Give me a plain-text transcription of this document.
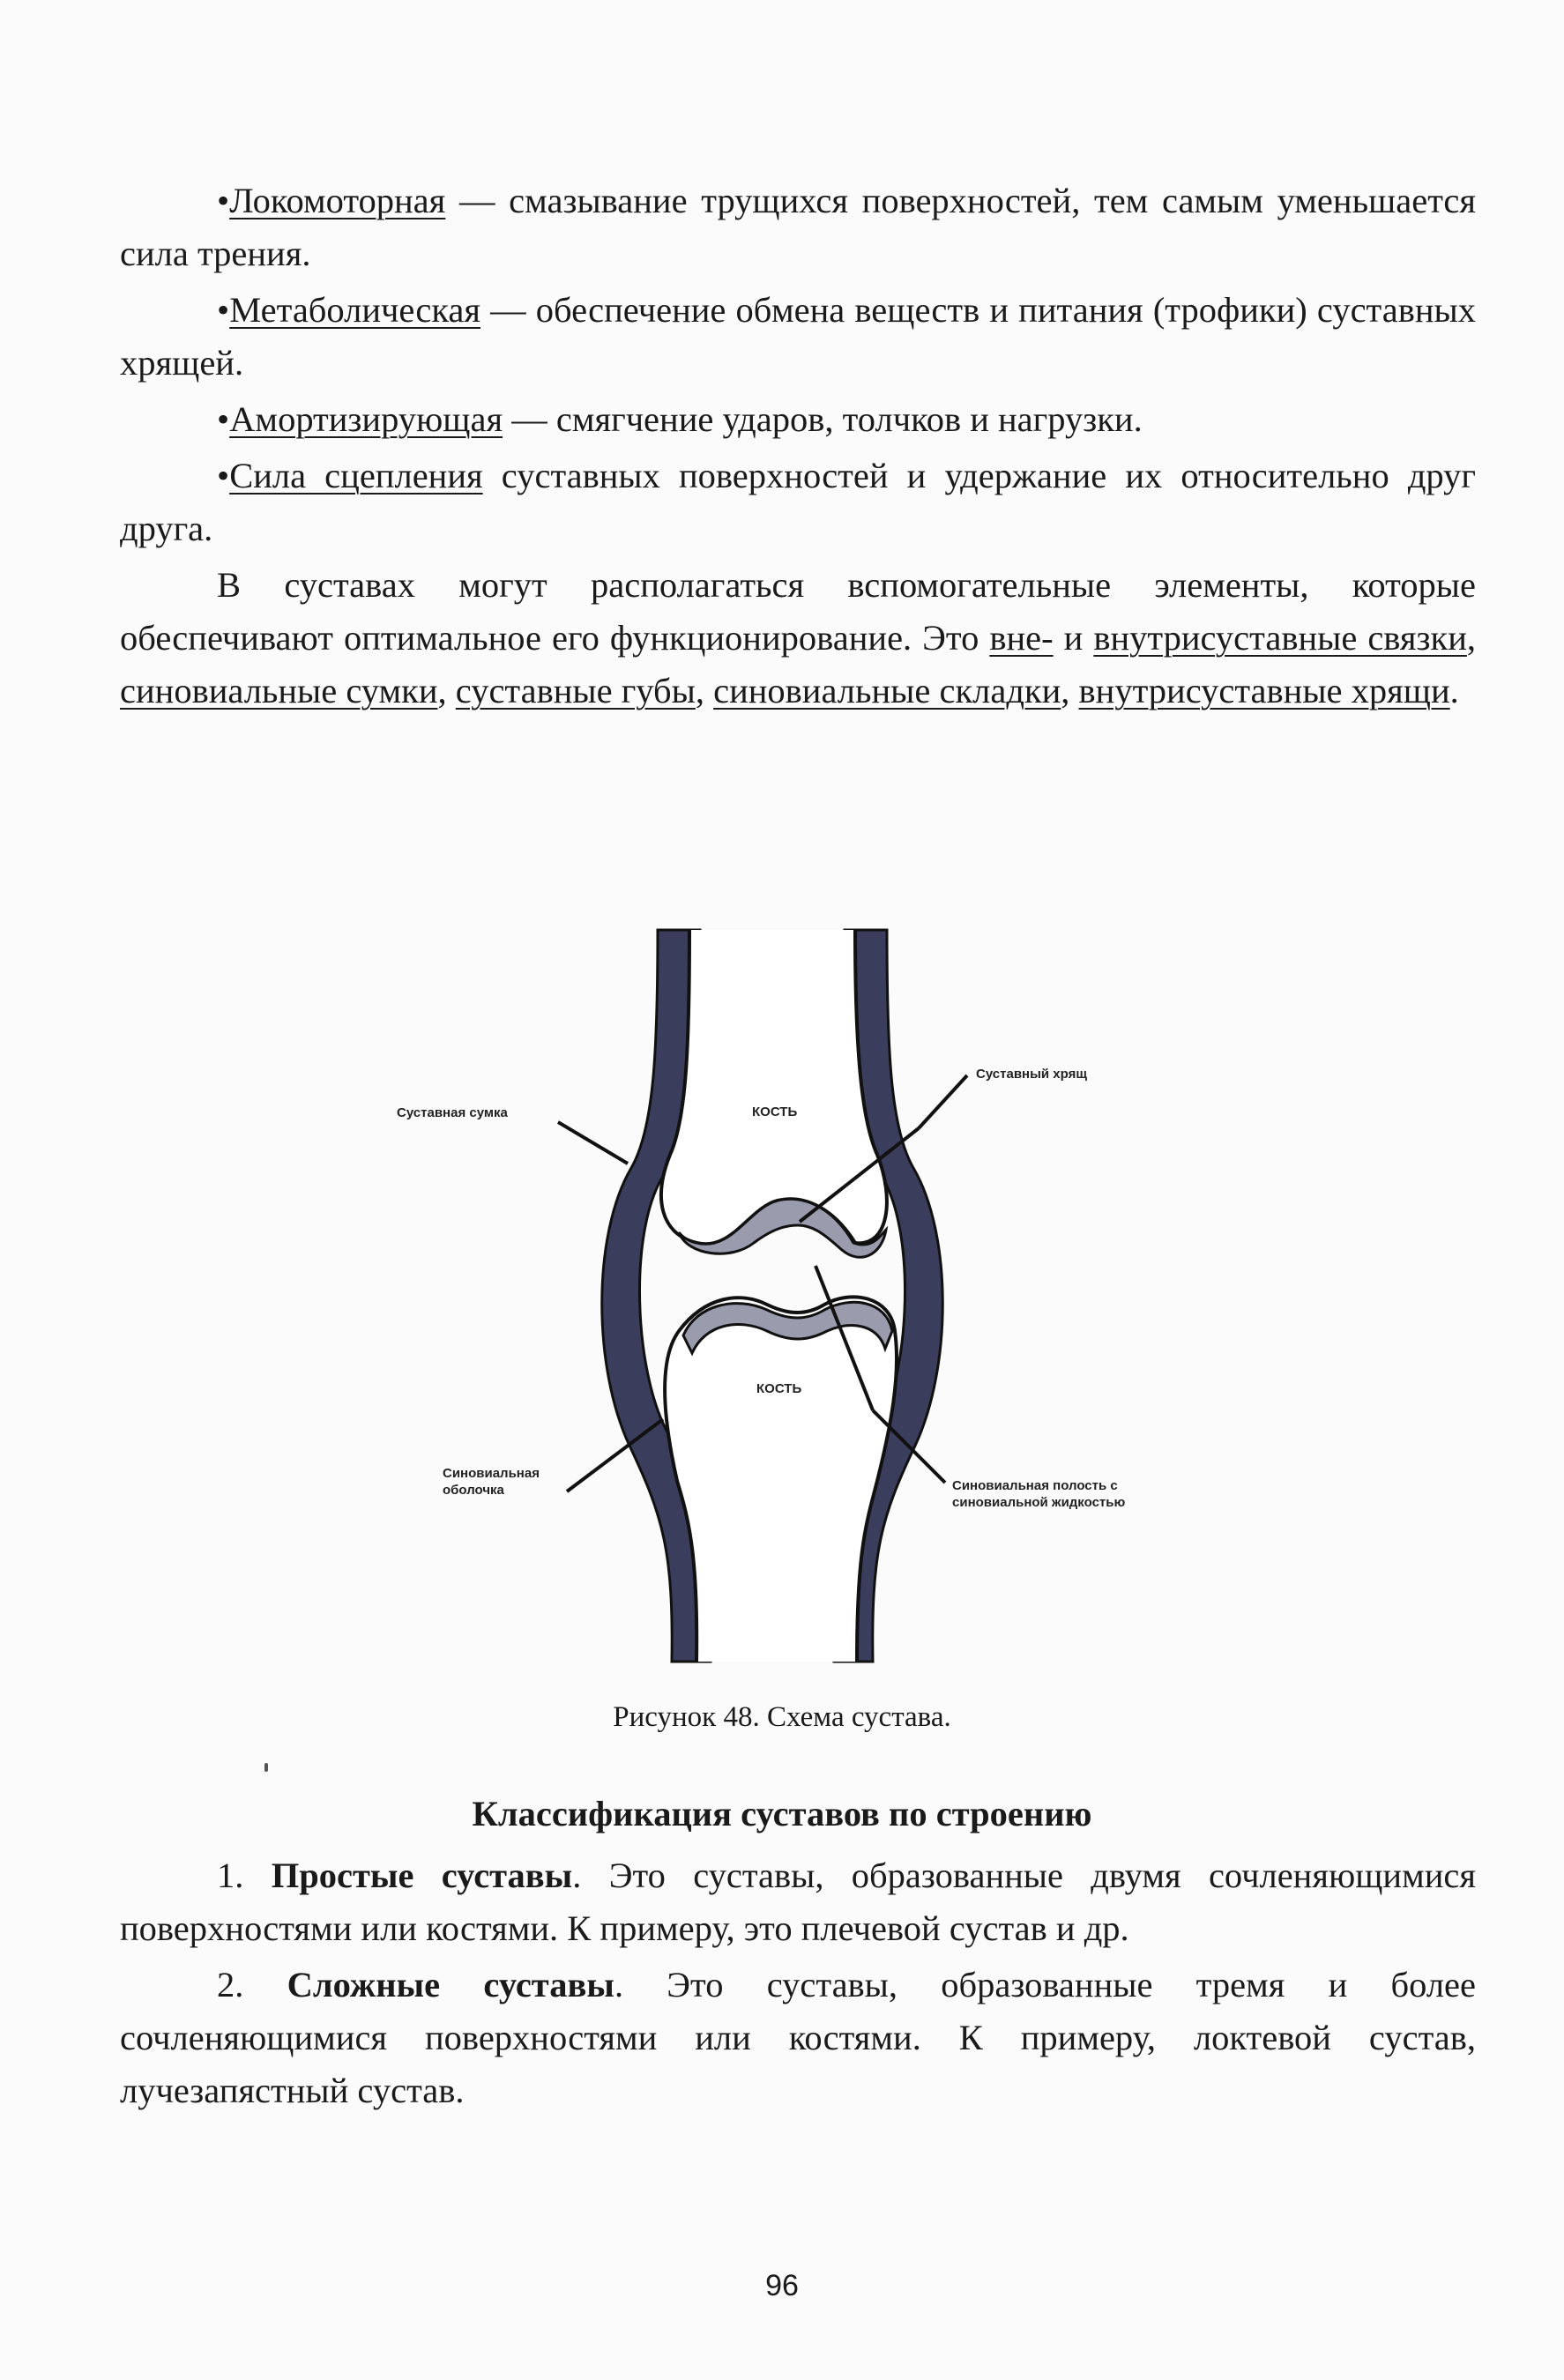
•Локомоторная — смазывание трущихся поверхностей, тем самым уменьшается сила трения.

•Метаболическая — обеспечение обмена веществ и питания (трофики) суставных хрящей.

•Амортизирующая — смягчение ударов, толчков и нагрузки.

•Сила сцепления суставных поверхностей и удержание их относительно друг друга.

В суставах могут располагаться вспомогательные элементы, которые обеспечивают оптимальное его функционирование. Это вне- и внутрисуставные связки, синовиальные сумки, суставные губы, синовиальные складки, внутрисуставные хрящи.

Суставная сумка
Суставный хрящ
КОСТЬ
КОСТЬ
Синовиальная
оболочка	Синовиальная полость с
синовиальной жидкостью
Рисунок 48. Схема сустава.
Классификация суставов по строению

1. Простые суставы. Это суставы, образованные двумя сочленяющимися поверхностями или костями. К примеру, это плечевой сустав и др.

2. Сложные суставы. Это суставы, образованные тремя и более сочленяющимися поверхностями или костями. К примеру, локтевой сустав, лучезапястный сустав.

96
